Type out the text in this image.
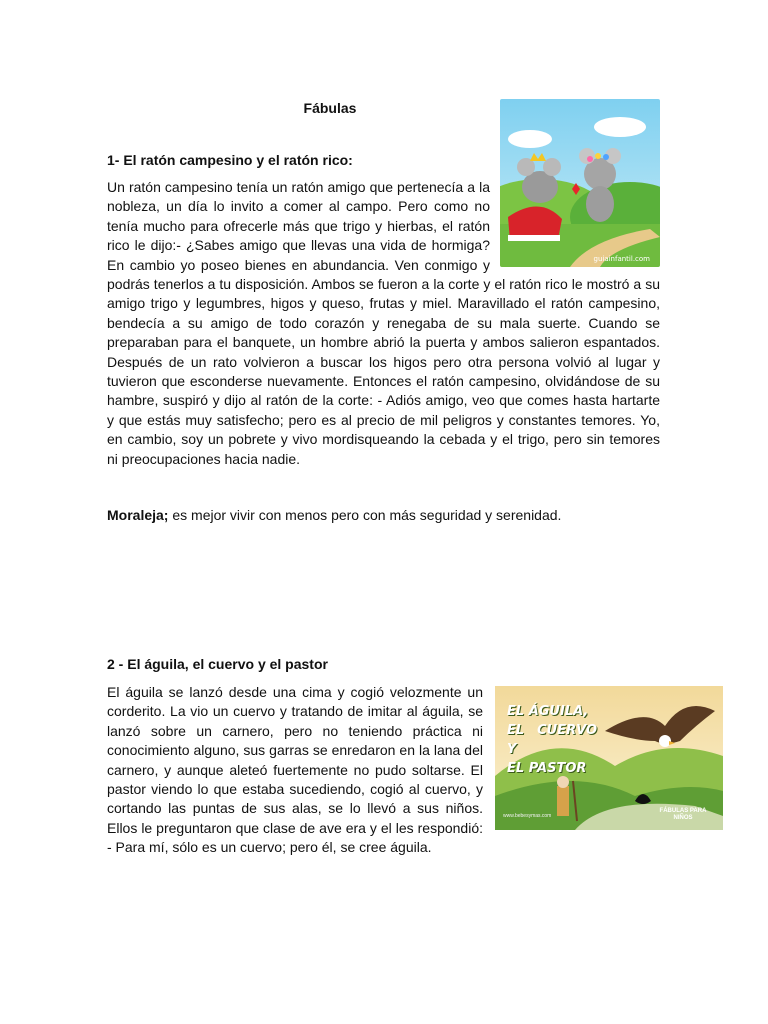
Fábulas
1- El ratón campesino y el ratón rico:

guiainfantil.com
Un ratón campesino tenía un ratón amigo que pertenecía a la nobleza, un día lo invito a comer al campo. Pero como no tenía mucho para ofrecerle más que trigo y hierbas, el ratón rico le dijo:- ¿Sabes amigo que llevas una vida de hormiga? En cambio yo poseo bienes en abundancia. Ven conmigo y podrás tenerlos a tu disposición. Ambos se fueron a la corte y el ratón rico le mostró a su amigo trigo y legumbres, higos y queso, frutas y miel. Maravillado el ratón campesino, bendecía a su amigo de todo corazón y renegaba de su mala suerte. Cuando se preparaban para el banquete, un hombre abrió la puerta y ambos salieron espantados. Después de un rato volvieron a buscar los higos pero otra persona volvió al lugar y tuvieron que esconderse nuevamente. Entonces el ratón campesino, olvidándose de su hambre, suspiró y dijo al ratón de la corte: - Adiós amigo, veo que comes hasta hartarte y que estás muy satisfecho; pero es al precio de mil peligros y constantes temores. Yo, en cambio, soy un pobrete y vivo mordisqueando la cebada y el trigo, pero sin temores ni preocupaciones hacia nadie.

Moraleja; es mejor vivir con menos pero con más seguridad y serenidad.
2 - El águila, el cuervo y el pastor

EL ÁGUILA,
EL CUERVO Y
EL PASTOR
www.bebesymas.com
FÁBULAS PARA NIÑOS
El águila se lanzó desde una cima y cogió velozmente un corderito. La vio un cuervo y tratando de imitar al águila, se lanzó sobre un carnero, pero no teniendo práctica ni conocimiento alguno, sus garras se enredaron en la lana del carnero, y aunque aleteó fuertemente no pudo soltarse. El pastor viendo lo que estaba sucediendo, cogió al cuervo, y cortando las puntas de sus alas, se lo llevó a sus niños. Ellos le preguntaron que clase de ave era y el les respondió: - Para mí, sólo es un cuervo; pero él, se cree águila.
